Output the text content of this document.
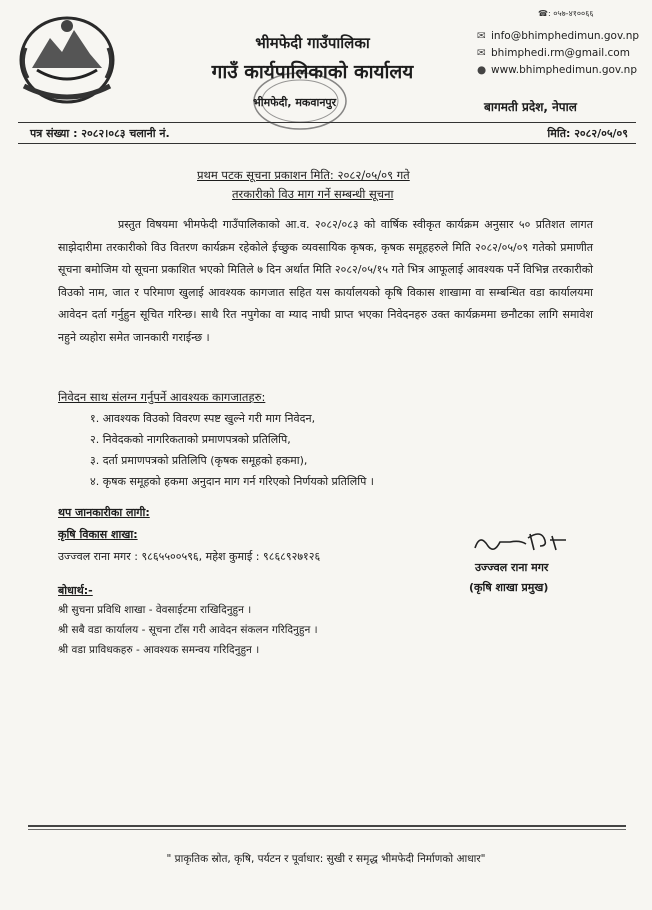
☎: ०५७-४१००६६
भीमफेदी गाउँपालिका
गाउँ कार्यपालिकाको कार्यालय
भीमफेदी, मकवानपुर
✉ info@bhimphedimun.gov.np
✉ bhimphedi.rm@gmail.com
● www.bhimphedimun.gov.np
बागमती प्रदेश, नेपाल
पत्र संख्या : २०८२।०८३ चलानी नं.	मिति: २०८२/०५/०९
प्रथम पटक सूचना प्रकाशन मिति: २०८२/०५/०९ गते
तरकारीको विउ माग गर्ने सम्बन्धी सूचना
प्रस्तुत विषयमा भीमफेदी गाउँपालिकाको आ.व. २०८२/०८३ को वार्षिक स्वीकृत कार्यक्रम अनुसार ५० प्रतिशत लागत साझेदारीमा तरकारीको विउ वितरण कार्यक्रम रहेकोले ईच्छुक व्यवसायिक कृषक, कृषक समूहहरुले मिति २०८२/०५/०९ गतेको प्रमाणीत सूचना बमोजिम यो सूचना प्रकाशित भएको मितिले ७ दिन अर्थात मिति २०८२/०५/१५ गते भित्र आफूलाई आवश्यक पर्ने विभिन्न तरकारीको विउको नाम, जात र परिमाण खुलाई आवश्यक कागजात सहित यस कार्यालयको कृषि विकास शाखामा वा सम्बन्धित वडा कार्यालयमा आवेदन दर्ता गर्नुहुन सूचित गरिन्छ। साथै रित नपुगेका वा म्याद नाघी प्राप्त भएका निवेदनहरु उक्त कार्यक्रममा छनौटका लागि समावेश नहुने व्यहोरा समेत जानकारी गराईन्छ ।
निवेदन साथ संलग्न गर्नुपर्ने आवश्यक कागजातहरु:
१. आवश्यक विउको विवरण स्पष्ट खुल्ने गरी माग निवेदन,
२. निवेदकको नागरिकताको प्रमाणपत्रको प्रतिलिपि,
३. दर्ता प्रमाणपत्रको प्रतिलिपि (कृषक समूहको हकमा),
४. कृषक समूहको हकमा अनुदान माग गर्न गरिएको निर्णयको प्रतिलिपि ।
थप जानकारीका लागी:
कृषि विकास शाखा:
उज्ज्वल राना मगर : ९८६५५००५९६, महेश कुमाई : ९८६८९२७१२६
उज्ज्वल राना मगर
(कृषि शाखा प्रमुख)
बोधार्थ:-
श्री सुचना प्रविधि शाखा - वेवसाईटमा राखिदिनुहुन ।
श्री सबै वडा कार्यालय - सूचना टाँस गरी आवेदन संकलन गरिदिनुहुन ।
श्री वडा प्राविधकहरु - आवश्यक समन्वय गरिदिनुहुन ।
" प्राकृतिक स्रोत, कृषि, पर्यटन र पूर्वाधार: सुखी र समृद्ध भीमफेदी निर्माणको आधार"
